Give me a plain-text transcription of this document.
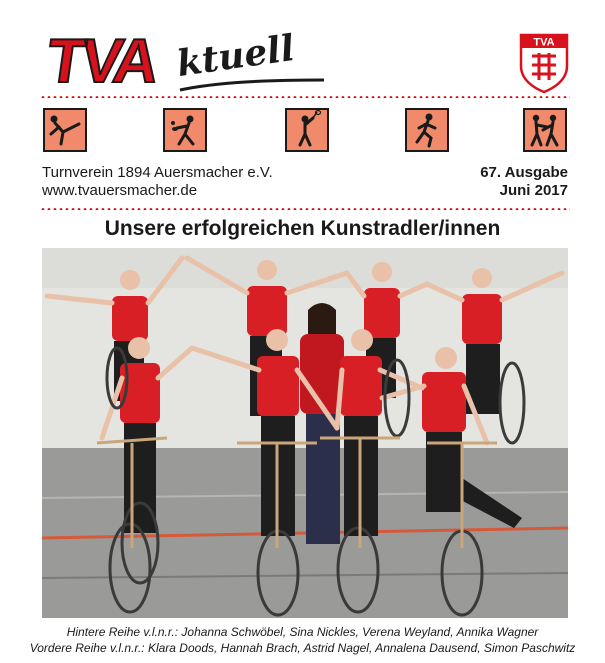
TVA ktuell	TVA
Turnverein 1894 Auersmacher e.V.
www.tvauersmacher.de
67. Ausgabe
Juni 2017
Unsere erfolgreichen Kunstradler/innen
Hintere Reihe v.l.n.r.: Johanna Schwöbel, Sina Nickles, Verena Weyland, Annika Wagner
Vordere Reihe v.l.n.r.: Klara Doods, Hannah Brach, Astrid Nagel, Annalena Dausend, Simon Paschwitz
